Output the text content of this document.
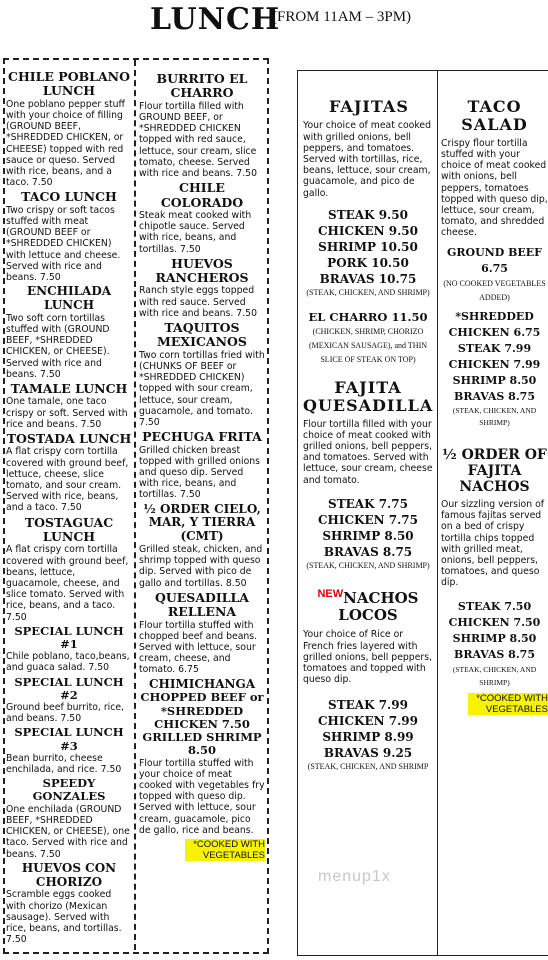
LUNCH
(FROM 11AM – 3PM)
CHILE POBLANO
LUNCH
One poblano pepper stuff with your choice of filling (GROUND BEEF, *SHREDDED CHICKEN, or CHEESE) topped with red sauce or queso. Served with rice, beans, and a taco. 7.50
TACO LUNCH
Two crispy or soft tacos stuffed with meat (GROUND BEEF or *SHREDDED CHICKEN) with lettuce and cheese. Served with rice and beans. 7.50
ENCHILADA LUNCH
Two soft corn tortillas stuffed with (GROUND BEEF, *SHREDDED CHICKEN, or CHEESE). Served with rice and beans. 7.50
TAMALE LUNCH
One tamale, one taco crispy or soft. Served with rice and beans. 7.50
TOSTADA LUNCH
A flat crispy corn tortilla covered with ground beef, lettuce, cheese, slice tomato, and sour cream. Served with rice, beans, and a taco. 7.50
TOSTAGUAC
LUNCH
A flat crispy corn tortilla covered with ground beef, beans, lettuce, guacamole, cheese, and slice tomato. Served with rice, beans, and a taco. 7.50
SPECIAL LUNCH #1
Chile poblano, taco,beans, and guaca salad. 7.50
SPECIAL LUNCH #2
Ground beef burrito, rice, and beans. 7.50
SPECIAL LUNCH #3
Bean burrito, cheese enchilada, and rice. 7.50
SPEEDY GONZALES
One enchilada (GROUND BEEF, *SHREDDED CHICKEN, or CHEESE), one taco. Served with rice and beans. 7.50
HUEVOS CON
CHORIZO
Scramble eggs cooked with chorizo (Mexican sausage). Served with rice, beans, and tortillas. 7.50
BURRITO EL
CHARRO
Flour tortilla filled with GROUND BEEF, or *SHREDDED CHICKEN topped with red sauce, lettuce, sour cream, slice tomato, cheese. Served with rice and beans. 7.50
CHILE COLORADO
Steak meat cooked with chipotle sauce. Served with rice, beans, and tortillas. 7.50
HUEVOS
RANCHEROS
Ranch style eggs topped with red sauce. Served with rice and beans. 7.50
TAQUITOS
MEXICANOS
Two corn tortillas fried with (CHUNKS OF BEEF or *SHREDDED CHICKEN) topped with sour cream, lettuce, sour cream, guacamole, and tomato. 7.50
PECHUGA FRITA
Grilled chicken breast topped with grilled onions and queso dip. Served with rice, beans, and tortillas. 7.50
½ ORDER CIELO,
MAR, Y TIERRA
(CMT)
Grilled steak, chicken, and shrimp topped with queso dip. Served with pico de gallo and tortillas. 8.50
QUESADILLA
RELLENA
Flour tortilla stuffed with chopped beef and beans. Served with lettuce, sour cream, cheese, and tomato. 6.75
CHIMICHANGA
CHOPPED BEEF or
*SHREDDED
CHICKEN 7.50
GRILLED SHRIMP
8.50
Flour tortilla stuffed with your choice of meat cooked with vegetables fry topped with queso dip. Served with lettuce, sour cream, guacamole, pico de gallo, rice and beans.
*COOKED WITH VEGETABLES
FAJITAS
Your choice of meat cooked with grilled onions, bell peppers, and tomatoes. Served with tortillas, rice, beans, lettuce, sour cream, guacamole, and pico de gallo.
STEAK 9.50
CHICKEN 9.50
SHRIMP 10.50
PORK 10.50
BRAVAS 10.75
(STEAK, CHICKEN, AND SHRIMP)
EL CHARRO 11.50
(CHICKEN, SHRIMP, CHORIZO
(MEXICAN SAUSAGE), and THIN
SLICE OF STEAK ON TOP)
FAJITA
QUESADILLA
Flour tortilla filled with your choice of meat cooked with grilled onions, bell peppers, and tomatoes. Served with lettuce, sour cream, cheese and tomato.
STEAK 7.75
CHICKEN 7.75
SHRIMP 8.50
BRAVAS 8.75
(STEAK, CHICKEN, AND SHRIMP)
$^{NEW}$NACHOS
LOCOS
Your choice of Rice or French fries layered with grilled onions, bell peppers, tomatoes and topped with queso dip.
STEAK 7.99
CHICKEN 7.99
SHRIMP 8.99
BRAVAS 9.25
(STEAK, CHICKEN, AND SHRIMP
TACO
SALAD
Crispy flour tortilla stuffed with your choice of meat cooked with onions, bell peppers, tomatoes topped with queso dip, lettuce, sour cream, tomato, and shredded cheese.
GROUND BEEF
6.75
(NO COOKED VEGETABLES ADDED)
*SHREDDED CHICKEN 6.75
STEAK 7.99
CHICKEN 7.99
SHRIMP 8.50
BRAVAS 8.75
(STEAK, CHICKEN, AND SHRIMP)
½ ORDER OF
FAJITA
NACHOS
Our sizzling version of famous fajitas served on a bed of crispy tortilla chips topped with grilled meat, onions, bell peppers, tomatoes, and queso dip.
STEAK 7.50
CHICKEN 7.50
SHRIMP 8.50
BRAVAS 8.75
(STEAK, CHICKEN, AND
SHRIMP)
*COOKED WITH VEGETABLES
menup1x
